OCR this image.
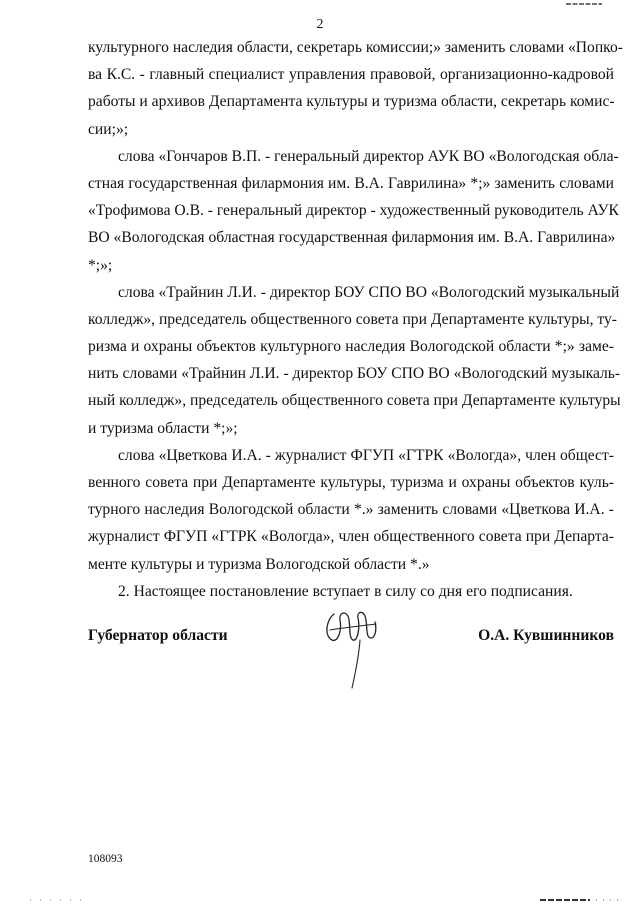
2
культурного наследия области, секретарь комиссии;» заменить словами «Попко-
ва К.С. - главный специалист управления правовой, организационно-кадровой
работы и архивов Департамента культуры и туризма области, секретарь комис-
сии;»;
слова «Гончаров В.П. - генеральный директор АУК ВО «Вологодская обла-
стная государственная филармония им. В.А. Гаврилина» *;» заменить словами
«Трофимова О.В. - генеральный директор - художественный руководитель АУК
ВО «Вологодская областная государственная филармония им. В.А. Гаврилина»
*;»;
слова «Трайнин Л.И. - директор БОУ СПО ВО «Вологодский музыкальный
колледж», председатель общественного совета при Департаменте культуры, ту-
ризма и охраны объектов культурного наследия Вологодской области *;» заме-
нить словами «Трайнин Л.И. - директор БОУ СПО ВО «Вологодский музыкаль-
ный колледж», председатель общественного совета при Департаменте культуры
и туризма области *;»;
слова «Цветкова И.А. - журналист ФГУП «ГТРК «Вологда», член общест-
венного совета при Департаменте культуры, туризма и охраны объектов куль-
турного наследия Вологодской области *.» заменить словами «Цветкова И.А. -
журналист ФГУП «ГТРК «Вологда», член общественного совета при Департа-
менте культуры и туризма Вологодской области *.»
2. Настоящее постановление вступает в силу со дня его подписания.
Губернатор области	О.А. Кувшинников
108093
